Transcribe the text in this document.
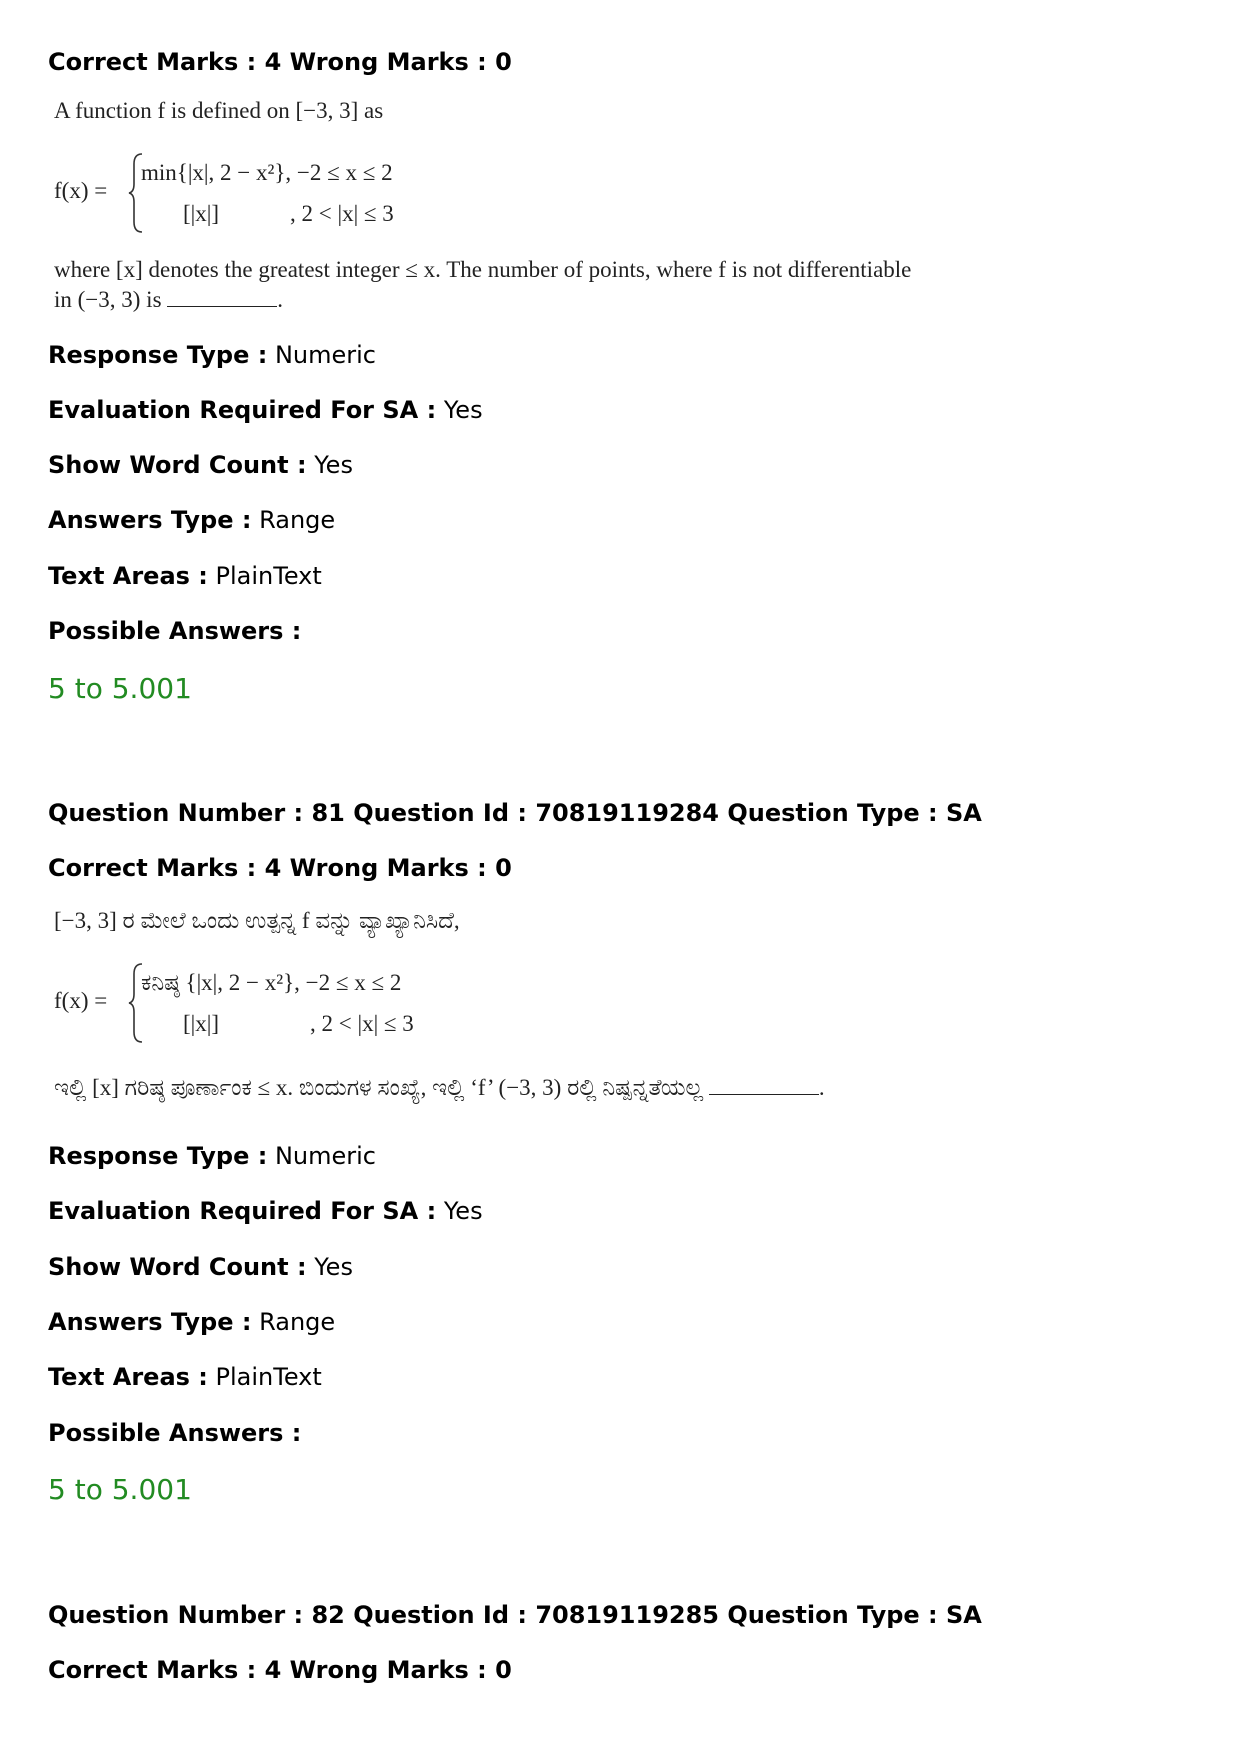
Correct Marks : 4 Wrong Marks : 0
A function f is defined on [−3, 3] as
f(x) =
min{|x|, 2 − x²}, −2 ≤ x ≤ 2
[|x|]	, 2 < |x| ≤ 3
where [x] denotes the greatest integer ≤ x. The number of points, where f is not differentiable
in (−3, 3) is	.
Response Type : Numeric
Evaluation Required For SA : Yes
Show Word Count : Yes
Answers Type : Range
Text Areas : PlainText
Possible Answers :
5 to 5.001
Question Number : 81 Question Id : 70819119284 Question Type : SA
Correct Marks : 4 Wrong Marks : 0
[−3, 3] ರ ಮೇಲೆ ಒಂದು ಉತ್ಪನ್ನ f ವನ್ನು ವ್ಯಾಖ್ಯಾನಿಸಿದೆ,
f(x) =
ಕನಿಷ್ಠ {|x|, 2 − x²}, −2 ≤ x ≤ 2
[|x|]	, 2 < |x| ≤ 3
ಇಲ್ಲಿ [x] ಗರಿಷ್ಠ ಪೂರ್ಣಾಂಕ ≤ x. ಬಿಂದುಗಳ ಸಂಖ್ಯೆ, ಇಲ್ಲಿ ‘f’ (−3, 3) ರಲ್ಲಿ ನಿಷ್ಪನ್ನತೆಯಲ್ಲ	.
Response Type : Numeric
Evaluation Required For SA : Yes
Show Word Count : Yes
Answers Type : Range
Text Areas : PlainText
Possible Answers :
5 to 5.001
Question Number : 82 Question Id : 70819119285 Question Type : SA
Correct Marks : 4 Wrong Marks : 0
